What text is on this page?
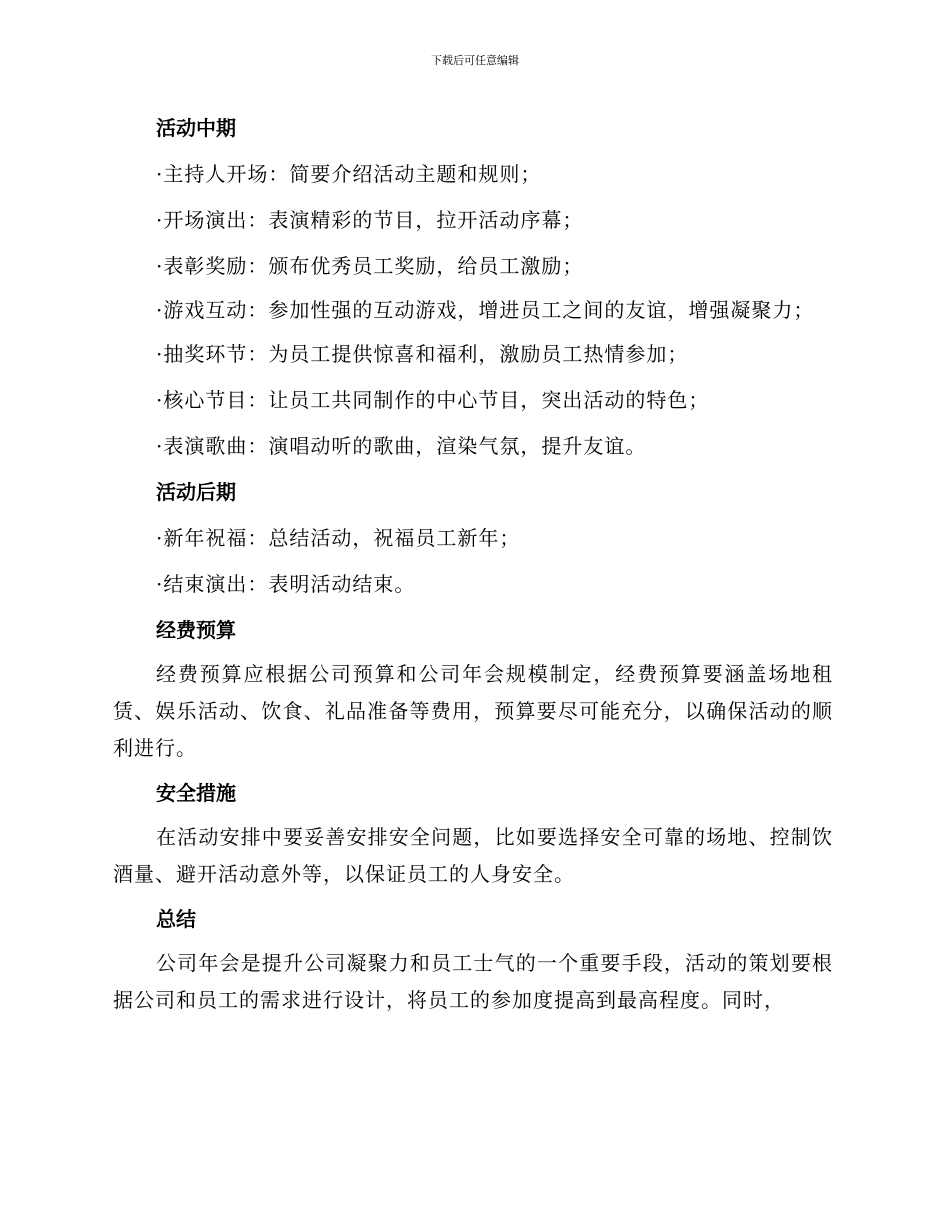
下载后可任意编辑
活动中期
·主持人开场：简要介绍活动主题和规则；
·开场演出：表演精彩的节目，拉开活动序幕；
·表彰奖励：颁布优秀员工奖励，给员工激励；
·游戏互动：参加性强的互动游戏，增进员工之间的友谊，增强凝聚力；
·抽奖环节：为员工提供惊喜和福利，激励员工热情参加；
·核心节目：让员工共同制作的中心节目，突出活动的特色；
·表演歌曲：演唱动听的歌曲，渲染气氛，提升友谊。
活动后期
·新年祝福：总结活动，祝福员工新年；
·结束演出：表明活动结束。
经费预算
经费预算应根据公司预算和公司年会规模制定，经费预算要涵盖场地租赁、娱乐活动、饮食、礼品准备等费用，预算要尽可能充分，以确保活动的顺利进行。
安全措施
在活动安排中要妥善安排安全问题，比如要选择安全可靠的场地、控制饮酒量、避开活动意外等，以保证员工的人身安全。
总结
公司年会是提升公司凝聚力和员工士气的一个重要手段，活动的策划要根据公司和员工的需求进行设计，将员工的参加度提高到最高程度。同时，
